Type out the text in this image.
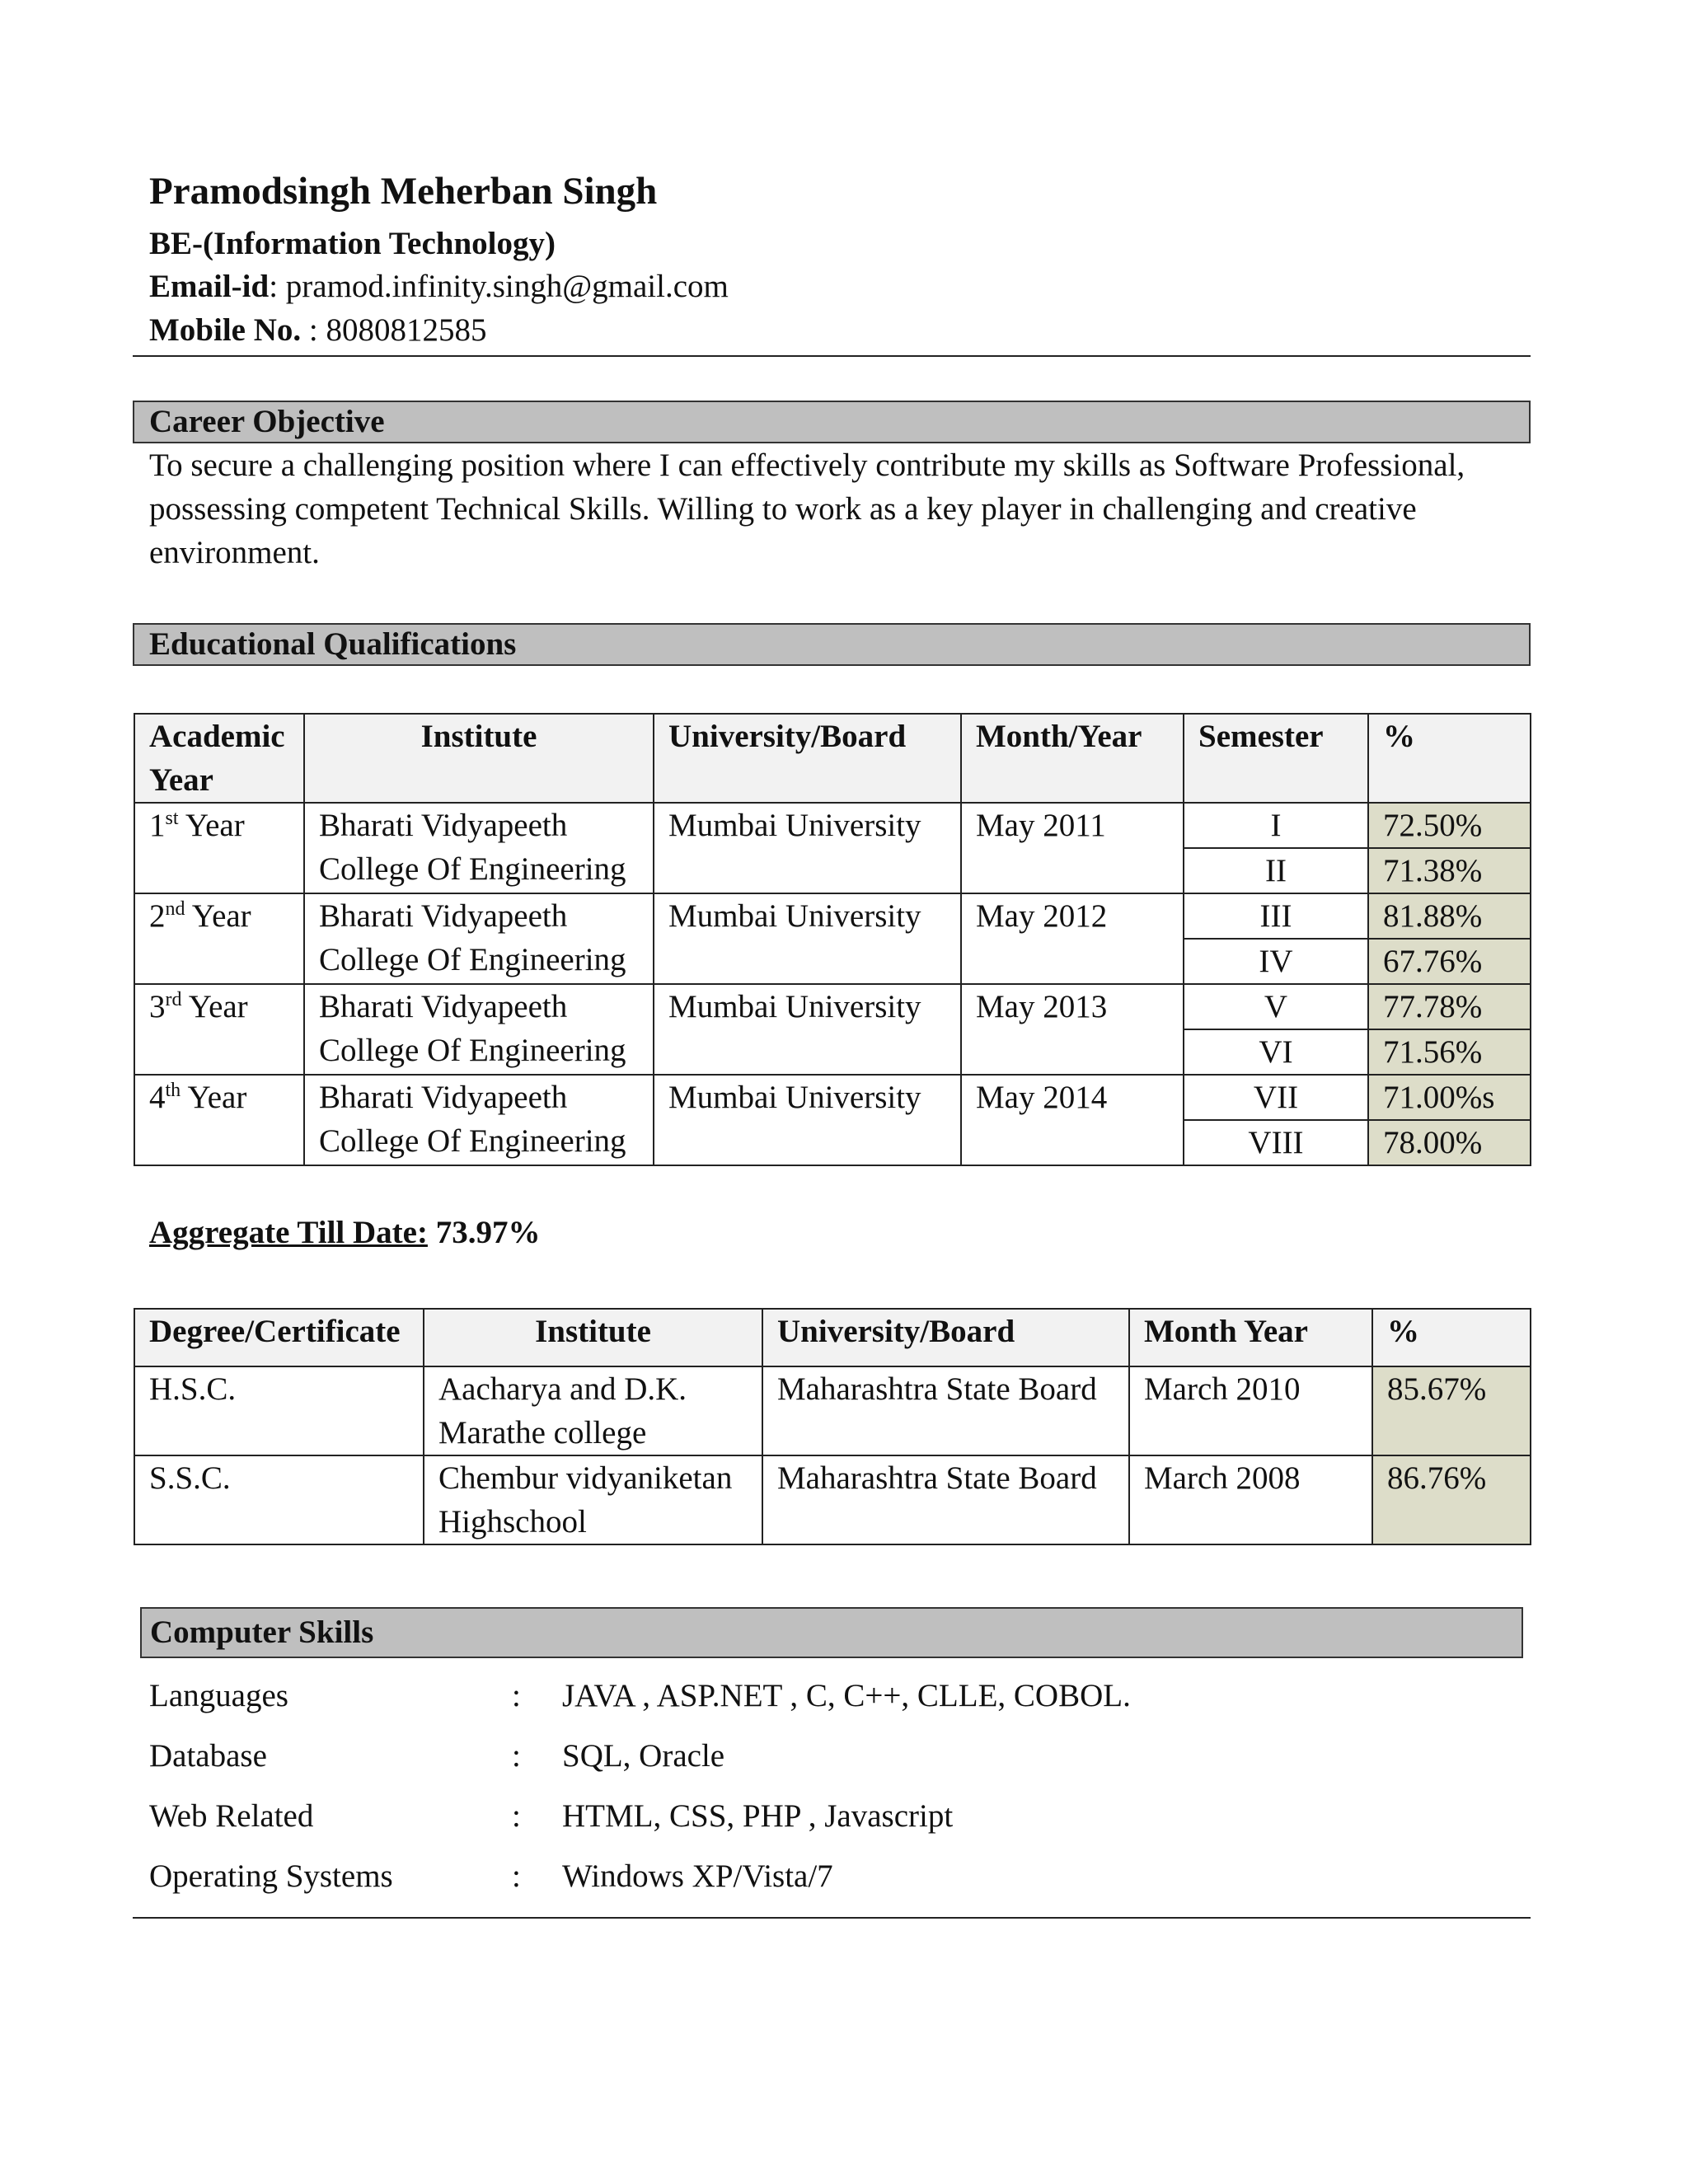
Pramodsingh Meherban Singh
BE-(Information Technology)
Email-id: pramod.infinity.singh@gmail.com
Mobile No. : 8080812585
Career Objective
To secure a challenging position where I can effectively contribute my skills as Software Professional, possessing competent Technical Skills. Willing to work as a key player in challenging and creative environment.
Educational Qualifications
Academic Year	Institute	University/Board	Month/Year	Semester	%
1st Year	Bharati Vidyapeeth College Of Engineering	Mumbai University	May 2011	I	72.50%
				II	71.38%
2nd Year	Bharati Vidyapeeth College Of Engineering	Mumbai University	May 2012	III	81.88%
				IV	67.76%
3rd Year	Bharati Vidyapeeth College Of Engineering	Mumbai University	May 2013	V	77.78%
				VI	71.56%
4th Year	Bharati Vidyapeeth College Of Engineering	Mumbai University	May 2014	VII	71.00%s
				VIII	78.00%
Aggregate Till Date: 73.97%
Degree/Certificate	Institute	University/Board	Month Year	%
H.S.C.	Aacharya and D.K. Marathe college	Maharashtra State Board	March 2010	85.67%
S.S.C.	Chembur vidyaniketan Highschool	Maharashtra State Board	March 2008	86.76%
Computer Skills
Languages	: JAVA , ASP.NET , C, C++, CLLE, COBOL.
Database	: SQL, Oracle
Web Related	: HTML, CSS, PHP , Javascript
Operating Systems	: Windows XP/Vista/7
